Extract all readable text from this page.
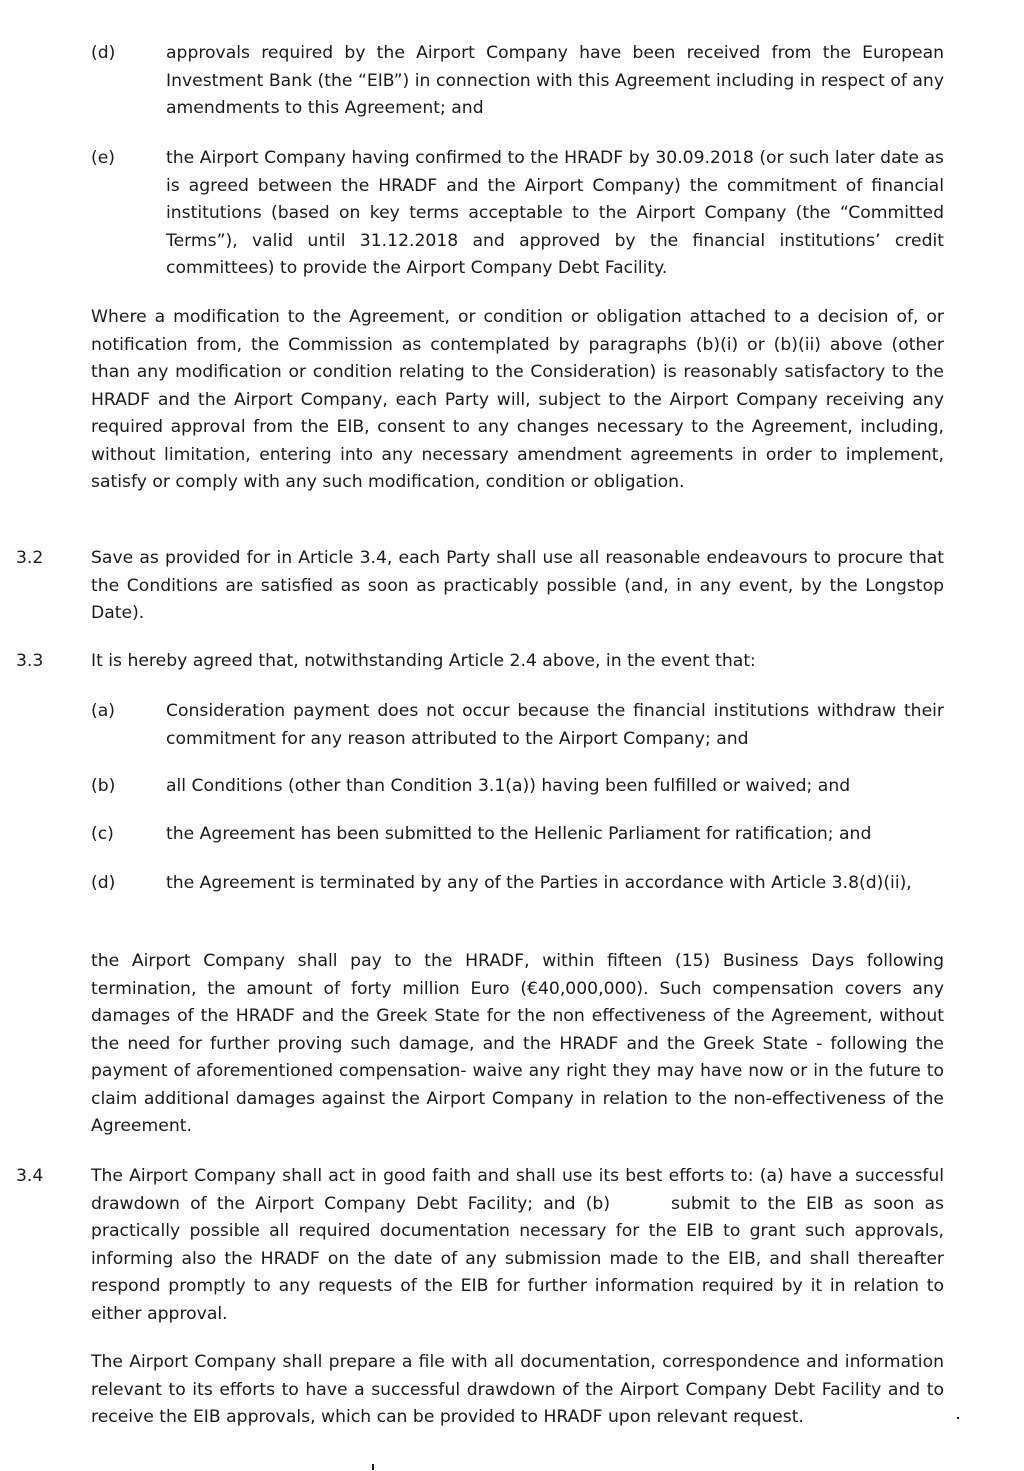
(d)	approvals required by the Airport Company have been received from the European Investment Bank (the “EIB”) in connection with this Agreement including in respect of any amendments to this Agreement; and

(e)	the Airport Company having confirmed to the HRADF by 30.09.2018 (or such later date as is agreed between the HRADF and the Airport Company) the commitment of financial institutions (based on key terms acceptable to the Airport Company (the “Committed Terms”), valid until 31.12.2018 and approved by the financial institutions’ credit committees) to provide the Airport Company Debt Facility.

Where a modification to the Agreement, or condition or obligation attached to a decision of, or notification from, the Commission as contemplated by paragraphs (b)(i) or (b)(ii) above (other than any modification or condition relating to the Consideration) is reasonably satisfactory to the HRADF and the Airport Company, each Party will, subject to the Airport Company receiving any required approval from the EIB, consent to any changes necessary to the Agreement, including, without limitation, entering into any necessary amendment agreements in order to implement, satisfy or comply with any such modification, condition or obligation.

3.2	Save as provided for in Article 3.4, each Party shall use all reasonable endeavours to procure that the Conditions are satisfied as soon as practicably possible (and, in any event, by the Longstop Date).

3.3	It is hereby agreed that, notwithstanding Article 2.4 above, in the event that:

(a)	Consideration payment does not occur because the financial institutions withdraw their commitment for any reason attributed to the Airport Company; and

(b)	all Conditions (other than Condition 3.1(a)) having been fulfilled or waived; and

(c)	the Agreement has been submitted to the Hellenic Parliament for ratification; and

(d)	the Agreement is terminated by any of the Parties in accordance with Article 3.8(d)(ii),

the Airport Company shall pay to the HRADF, within fifteen (15) Business Days following termination, the amount of forty million Euro (€40,000,000). Such compensation covers any damages of the HRADF and the Greek State for the non effectiveness of the Agreement, without the need for further proving such damage, and the HRADF and the Greek State - following the payment of aforementioned compensation- waive any right they may have now or in the future to claim additional damages against the Airport Company in relation to the non-effectiveness of the Agreement.

3.4	The Airport Company shall act in good faith and shall use its best efforts to: (a) have a successful drawdown of the Airport Company Debt Facility; and (b)      submit to the EIB as soon as practically possible all required documentation necessary for the EIB to grant such approvals, informing also the HRADF on the date of any submission made to the EIB, and shall thereafter respond promptly to any requests of the EIB for further information required by it in relation to either approval.

The Airport Company shall prepare a file with all documentation, correspondence and information relevant to its efforts to have a successful drawdown of the Airport Company Debt Facility and to receive the EIB approvals, which can be provided to HRADF upon relevant request.
